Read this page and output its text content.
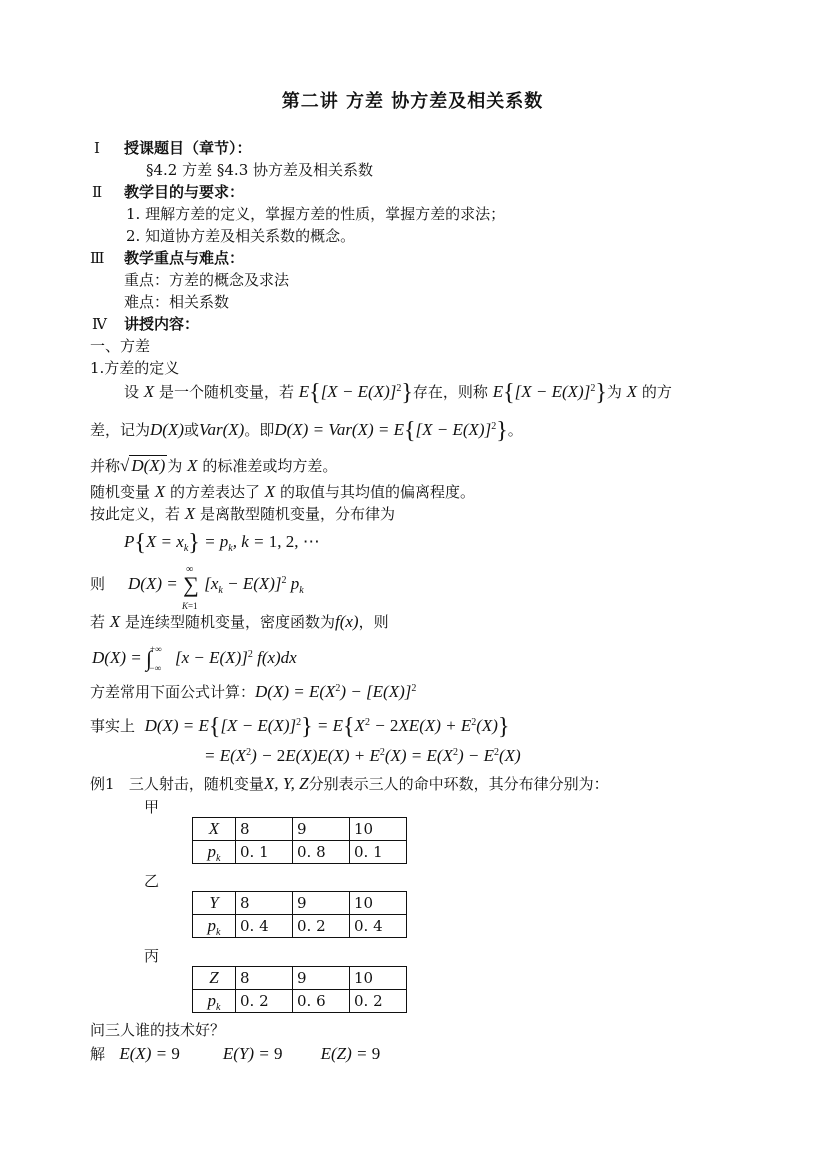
第二讲 方差 协方差及相关系数
Ⅰ 授课题目（章节）：
§4.2 方差 §4.3 协方差及相关系数
Ⅱ 教学目的与要求：
1. 理解方差的定义，掌握方差的性质，掌握方差的求法；
2. 知道协方差及相关系数的概念。
Ⅲ 教学重点与难点：
重点：方差的概念及求法
难点：相关系数
Ⅳ 讲授内容：
一、方差
1.方差的定义
设 X 是一个随机变量，若 $E\{[X - E(X)]^2\}$存在，则称 $E\{[X - E(X)]^2\}$为 X 的方
差，记为D(X)或Var(X)。即$D(X) = Var(X) = E\{[X - E(X)]^2\}$。
并称√ D(X) 为 X 的标准差或均方差。
随机变量 X 的方差表达了 X 的取值与其均值的偏离程度。
按此定义，若 X 是离散型随机变量，分布律为
$P\{X = x_k\} = p_k$, k = 1, 2, ⋯
则 D(X) =
∞
∑
K=1
$[x_k - E(X)]^2$ $p_k$
若 X 是连续型随机变量，密度函数为f(x)，则
$D(X) = \int^{+\infty}_{-\infty}[x - E(X)]^2$ f(x)dx
方差常用下面公式计算：$D(X) = E(X^2) - [E(X)]^2$
事实上 $D(X) = E\{[X - E(X)]^2\} = E\{X^2 - 2XE(X) + E^2(X)\}$
= $E(X^2) - 2E(X)E(X) + E^2(X) = E(X^2) - E^2(X)$
例1 三人射击，随机变量X, Y, Z分别表示三人的命中环数，其分布律分别为：
甲
X	8	9	10
$p_k$	0. 1	0. 8	0. 1
乙
Y	8	9	10
$p_k$	0. 4	0. 2	0. 4
丙
Z	8	9	10
$p_k$	0. 2	0. 6	0. 2
问三人谁的技术好？
解 E(X) = 9	E(Y) = 9 E(Z) = 9
